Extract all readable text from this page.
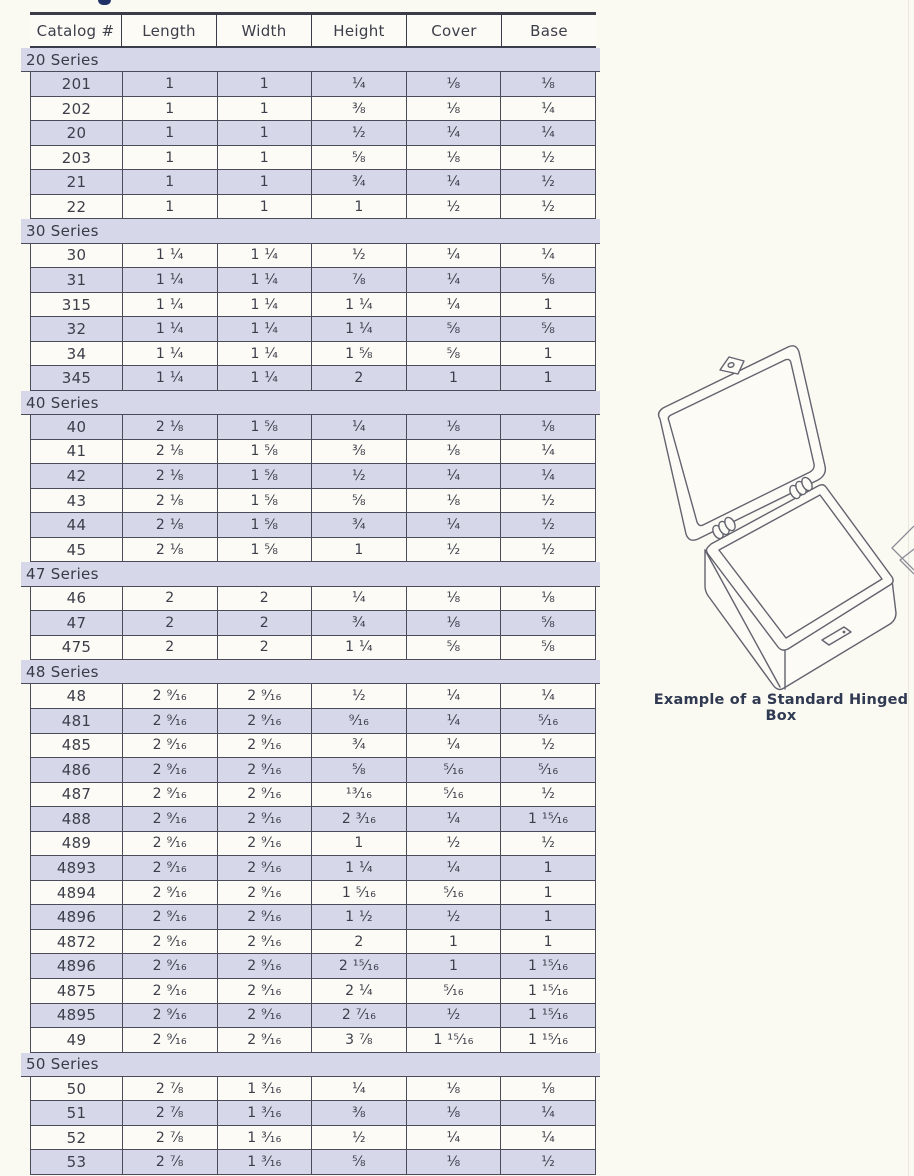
Catalog #	Length	Width	Height	Cover	Base
20 Series
201	1	1	¼	⅛	⅛
202	1	1	⅜	⅛	¼
20	1	1	½	¼	¼
203	1	1	⅝	⅛	½
21	1	1	¾	¼	½
22	1	1	1	½	½
30 Series
30	1 ¼	1 ¼	½	¼	¼
31	1 ¼	1 ¼	⅞	¼	⅝
315	1 ¼	1 ¼	1 ¼	¼	1
32	1 ¼	1 ¼	1 ¼	⅝	⅝
34	1 ¼	1 ¼	1 ⅝	⅝	1
345	1 ¼	1 ¼	2	1	1
40 Series
40	2 ⅛	1 ⅝	¼	⅛	⅛
41	2 ⅛	1 ⅝	⅜	⅛	¼
42	2 ⅛	1 ⅝	½	¼	¼
43	2 ⅛	1 ⅝	⅝	⅛	½
44	2 ⅛	1 ⅝	¾	¼	½
45	2 ⅛	1 ⅝	1	½	½
47 Series
46	2	2	¼	⅛	⅛
47	2	2	¾	⅛	⅝
475	2	2	1 ¼	⅝	⅝
48 Series
48	2 ⁹⁄₁₆	2 ⁹⁄₁₆	½	¼	¼
481	2 ⁹⁄₁₆	2 ⁹⁄₁₆	⁹⁄₁₆	¼	⁵⁄₁₆
485	2 ⁹⁄₁₆	2 ⁹⁄₁₆	¾	¼	½
486	2 ⁹⁄₁₆	2 ⁹⁄₁₆	⅝	⁵⁄₁₆	⁵⁄₁₆
487	2 ⁹⁄₁₆	2 ⁹⁄₁₆	¹³⁄₁₆	⁵⁄₁₆	½
488	2 ⁹⁄₁₆	2 ⁹⁄₁₆	2 ³⁄₁₆	¼	1 ¹⁵⁄₁₆
489	2 ⁹⁄₁₆	2 ⁹⁄₁₆	1	½	½
4893	2 ⁹⁄₁₆	2 ⁹⁄₁₆	1 ¼	¼	1
4894	2 ⁹⁄₁₆	2 ⁹⁄₁₆	1 ⁵⁄₁₆	⁵⁄₁₆	1
4896	2 ⁹⁄₁₆	2 ⁹⁄₁₆	1 ½	½	1
4872	2 ⁹⁄₁₆	2 ⁹⁄₁₆	2	1	1
4896	2 ⁹⁄₁₆	2 ⁹⁄₁₆	2 ¹⁵⁄₁₆	1	1 ¹⁵⁄₁₆
4875	2 ⁹⁄₁₆	2 ⁹⁄₁₆	2 ¼	⁵⁄₁₆	1 ¹⁵⁄₁₆
4895	2 ⁹⁄₁₆	2 ⁹⁄₁₆	2 ⁷⁄₁₆	½	1 ¹⁵⁄₁₆
49	2 ⁹⁄₁₆	2 ⁹⁄₁₆	3 ⅞	1 ¹⁵⁄₁₆	1 ¹⁵⁄₁₆
50 Series
50	2 ⅞	1 ³⁄₁₆	¼	⅛	⅛
51	2 ⅞	1 ³⁄₁₆	⅜	⅛	¼
52	2 ⅞	1 ³⁄₁₆	½	¼	¼
53	2 ⅞	1 ³⁄₁₆	⅝	⅛	½
Example of a Standard Hinged Box
